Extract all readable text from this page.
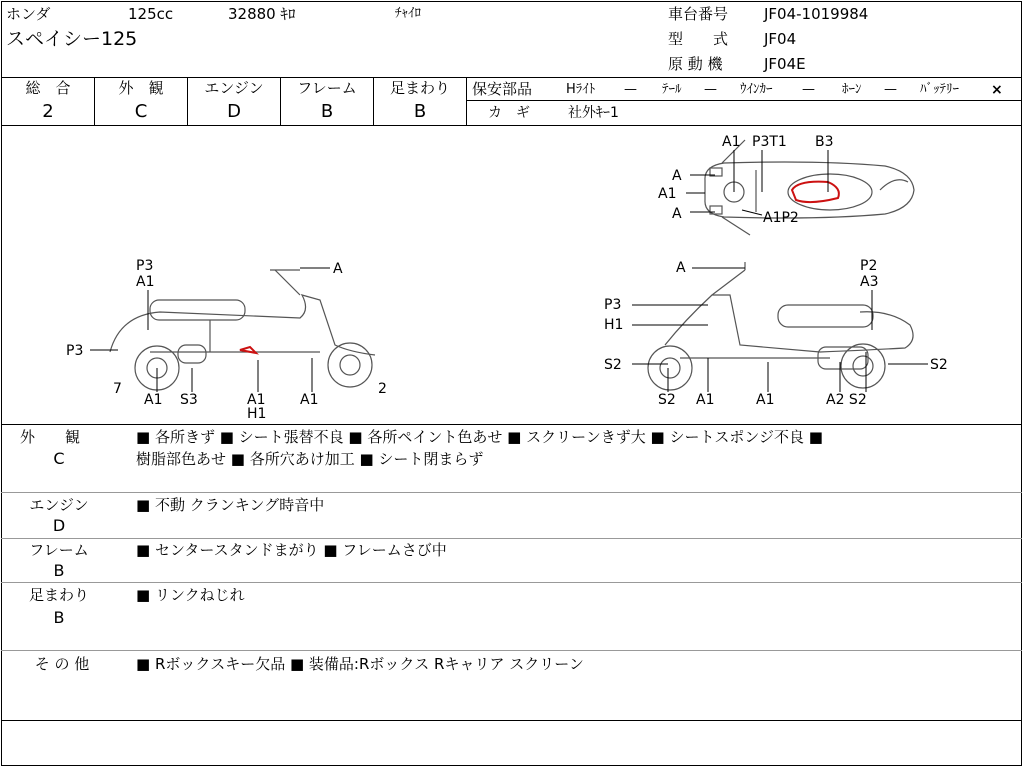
ホンダ	125cc	32880 ｷﾛ	ﾁｬｲﾛ
スペイシー125
車台番号 JF04-1019984
型　　式 JF04
原 動 機	JF04E
総　合
2
外　観
C
エンジン
D
フレーム
B
足まわり
B
保安部品	Hﾗｲﾄ — ﾃｰﾙ — ｳｲﾝｶｰ — ﾎｰﾝ — ﾊﾞｯﾃﾘｰ ×
カ　ギ	社外ｷｰ1
A1 P3T1 B3
A
A1
A	A1P2
P3
A1
A
P3
7
A1 S3	A1
H1
A1
2
A	P2
A3
P3
H1
S2
S2 A1	A1	A2 S2
S2
外　　観
C
■ 各所きず ■ シート張替不良 ■ 各所ペイント色あせ ■ スクリーンきず大 ■ シートスポンジ不良 ■
樹脂部色あせ ■ 各所穴あけ加工 ■ シート閉まらず
エンジン
D
■ 不動 クランキング時音中
フレーム
B
■ センタースタンドまがり ■ フレームさび中
足まわり
B
■ リンクねじれ
そ の 他	■ Rボックスキー欠品 ■ 装備品:Rボックス Rキャリア スクリーン
